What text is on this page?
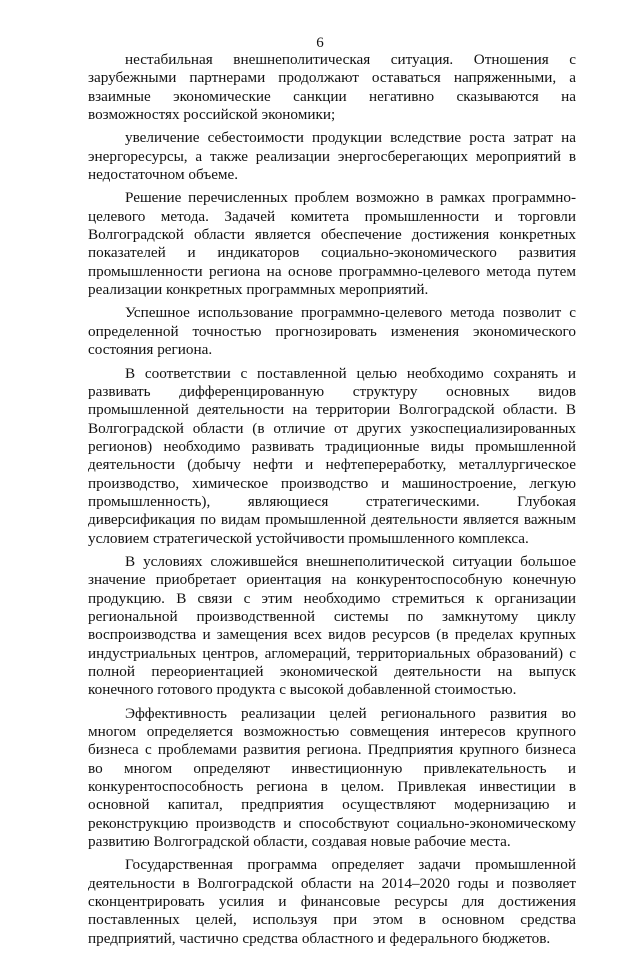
6

нестабильная внешнеполитическая ситуация. Отношения с зарубежными партнерами продолжают оставаться напряженными, а взаимные экономические санкции негативно сказываются на возможностях российской экономики;

увеличение себестоимости продукции вследствие роста затрат на энергоресурсы, а также реализации энергосберегающих мероприятий в недостаточном объеме.

Решение перечисленных проблем возможно в рамках программно-целевого метода. Задачей комитета промышленности и торговли Волгоградской области является обеспечение достижения конкретных показателей и индикаторов социально-экономического развития промышленности региона на основе программно-целевого метода путем реализации конкретных программных мероприятий.

Успешное использование программно-целевого метода позволит с определенной точностью прогнозировать изменения экономического состояния региона.

В соответствии с поставленной целью необходимо сохранять и развивать дифференцированную структуру основных видов промышленной деятельности на территории Волгоградской области. В Волгоградской области (в отличие от других узкоспециализированных регионов) необходимо развивать традиционные виды промышленной деятельности (добычу нефти и нефтепереработку, металлургическое производство, химическое производство и машиностроение, легкую промышленность), являющиеся стратегическими. Глубокая диверсификация по видам промышленной деятельности является важным условием стратегической устойчивости промышленного комплекса.

В условиях сложившейся внешнеполитической ситуации большое значение приобретает ориентация на конкурентоспособную конечную продукцию. В связи с этим необходимо стремиться к организации региональной производственной системы по замкнутому циклу воспроизводства и замещения всех видов ресурсов (в пределах крупных индустриальных центров, агломераций, территориальных образований) с полной переориентацией экономической деятельности на выпуск конечного готового продукта с высокой добавленной стоимостью.

Эффективность реализации целей регионального развития во многом определяется возможностью совмещения интересов крупного бизнеса с проблемами развития региона. Предприятия крупного бизнеса во многом определяют инвестиционную привлекательность и конкурентоспособность региона в целом. Привлекая инвестиции в основной капитал, предприятия осуществляют модернизацию и реконструкцию производств и способствуют социально-экономическому развитию Волгоградской области, создавая новые рабочие места.

Государственная программа определяет задачи промышленной деятельности в Волгоградской области на 2014–2020 годы и позволяет сконцентрировать усилия и финансовые ресурсы для достижения поставленных целей, используя при этом в основном средства предприятий, частично средства областного и федерального бюджетов.
